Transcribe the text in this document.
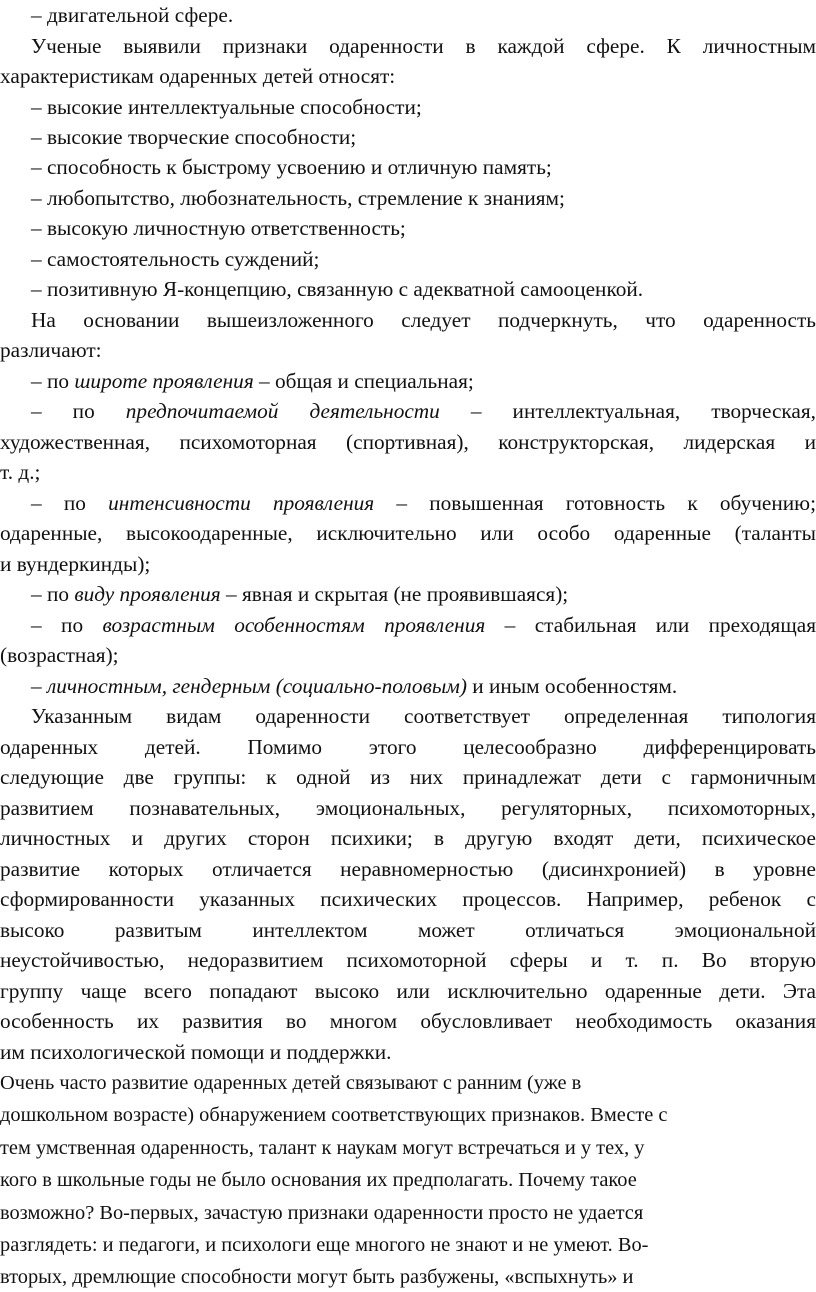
– двигательной сфере.
Ученые выявили признаки одаренности в каждой сфере. К личностным
характеристикам одаренных детей относят:
– высокие интеллектуальные способности;
– высокие творческие способности;
– способность к быстрому усвоению и отличную память;
– любопытство, любознательность, стремление к знаниям;
– высокую личностную ответственность;
– самостоятельность суждений;
– позитивную Я-концепцию, связанную с адекватной самооценкой.
На основании вышеизложенного следует подчеркнуть, что одаренность
различают:
– по широте проявления – общая и специальная;
– по предпочитаемой деятельности – интеллектуальная, творческая,
художественная, психомоторная (спортивная), конструкторская, лидерская и
т. д.;
– по интенсивности проявления – повышенная готовность к обучению;
одаренные, высокоодаренные, исключительно или особо одаренные (таланты
и вундеркинды);
– по виду проявления – явная и скрытая (не проявившаяся);
– по возрастным особенностям проявления – стабильная или преходящая
(возрастная);
– личностным, гендерным (социально-половым) и иным особенностям.
Указанным видам одаренности соответствует определенная типология
одаренных детей. Помимо этого целесообразно дифференцировать
следующие две группы: к одной из них принадлежат дети с гармоничным
развитием познавательных, эмоциональных, регуляторных, психомоторных,
личностных и других сторон психики; в другую входят дети, психическое
развитие которых отличается неравномерностью (дисинхронией) в уровне
сформированности указанных психических процессов. Например, ребенок с
высоко развитым интеллектом может отличаться эмоциональной
неустойчивостью, недоразвитием психомоторной сферы и т. п. Во вторую
группу чаще всего попадают высоко или исключительно одаренные дети. Эта
особенность их развития во многом обусловливает необходимость оказания
им психологической помощи и поддержки.
Очень часто развитие одаренных детей связывают с ранним (уже в
дошкольном возрасте) обнаружением соответствующих признаков. Вместе с
тем умственная одаренность, талант к наукам могут встречаться и у тех, у
кого в школьные годы не было основания их предполагать. Почему такое
возможно? Во-первых, зачастую признаки одаренности просто не удается
разглядеть: и педагоги, и психологи еще многого не знают и не умеют. Во-
вторых, дремлющие способности могут быть разбужены, «вспыхнуть» и
